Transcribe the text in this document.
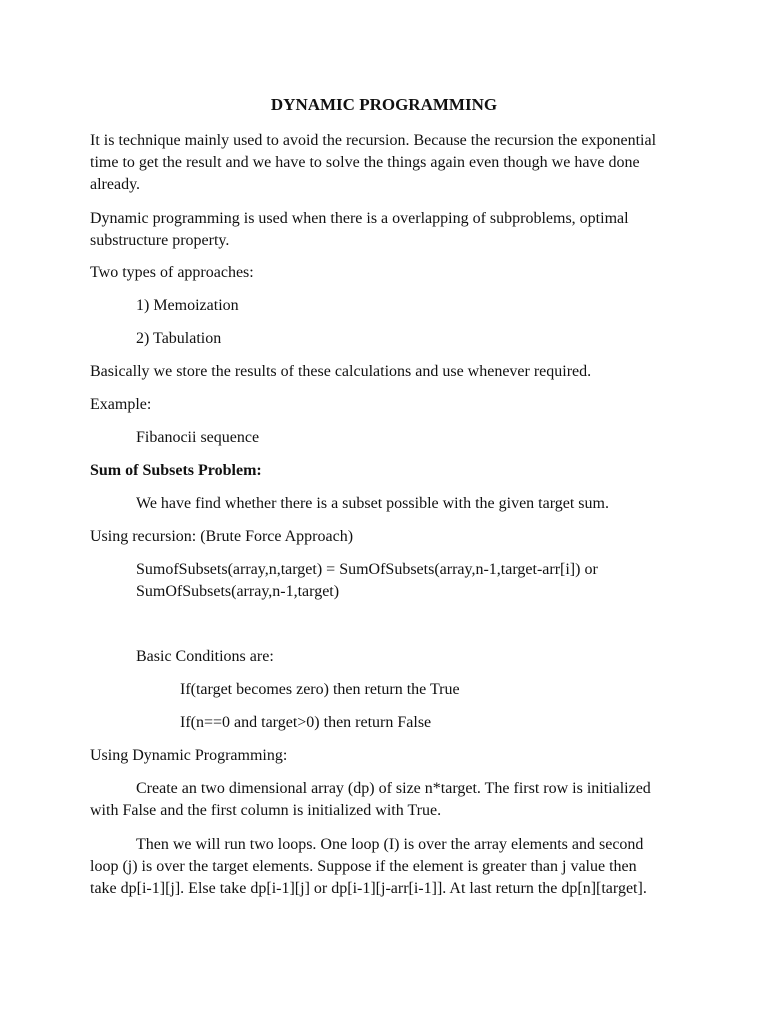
DYNAMIC PROGRAMMING

It is technique mainly used to avoid the recursion. Because the recursion the exponential time to get the result and we have to solve the things again even though we have done already.

Dynamic programming is used when there is a overlapping of subproblems, optimal substructure property.

Two types of approaches:

1) Memoization

2) Tabulation

Basically we store the results of these calculations and use whenever required.

Example:

Fibanocii sequence

Sum of Subsets Problem:

We have find whether there is a subset possible with the given target sum.

Using recursion: (Brute Force Approach)

SumofSubsets(array,n,target) = SumOfSubsets(array,n-1,target-arr[i]) or

SumOfSubsets(array,n-1,target)

Basic Conditions are:

If(target becomes zero) then return the True

If(n==0 and target>0) then return False

Using Dynamic Programming:

Create an two dimensional array (dp) of size n*target. The first row is initialized with False and the first column is initialized with True.

Then we will run two loops. One loop (I) is over the array elements and second loop (j) is over the target elements. Suppose if the element is greater than j value then take dp[i-1][j]. Else take dp[i-1][j] or dp[i-1][j-arr[i-1]]. At last return the dp[n][target].
